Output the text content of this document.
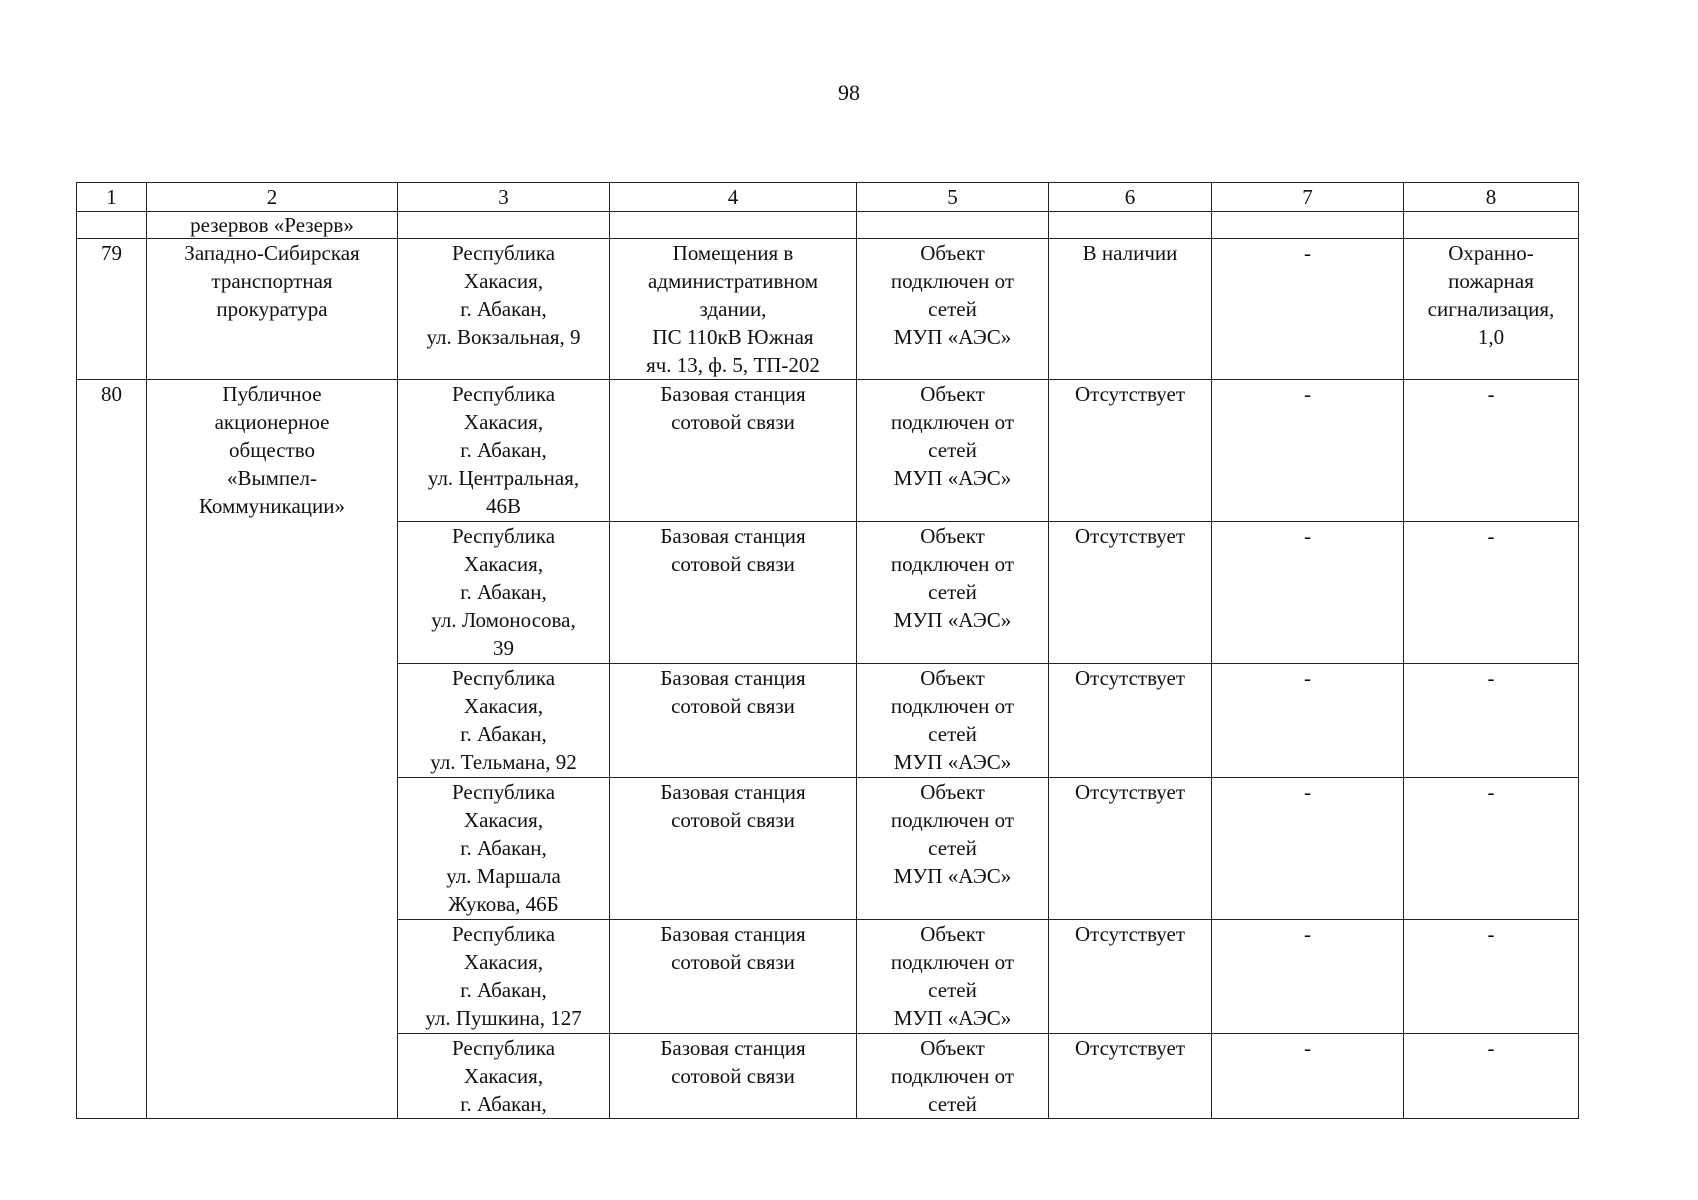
98
1	2	3	4	5	6	7	8
	резервов «Резерв»						
79	Западно-Сибирская
транспортная
прокуратура	Республика
Хакасия,
г. Абакан,
ул. Вокзальная, 9	Помещения в
административном
здании,
ПС 110кВ Южная
яч. 13, ф. 5, ТП-202	Объект
подключен от
сетей
МУП «АЭС»	В наличии	-	Охранно-
пожарная
сигнализация,
1,0
80	Публичное
акционерное
общество
«Вымпел-
Коммуникации»	Республика
Хакасия,
г. Абакан,
ул. Центральная,
46В	Базовая станция
сотовой связи	Объект
подключен от
сетей
МУП «АЭС»	Отсутствует	-	-
		Республика
Хакасия,
г. Абакан,
ул. Ломоносова,
39	Базовая станция
сотовой связи	Объект
подключен от
сетей
МУП «АЭС»	Отсутствует	-	-
		Республика
Хакасия,
г. Абакан,
ул. Тельмана, 92	Базовая станция
сотовой связи	Объект
подключен от
сетей
МУП «АЭС»	Отсутствует	-	-
		Республика
Хакасия,
г. Абакан,
ул. Маршала
Жукова, 46Б	Базовая станция
сотовой связи	Объект
подключен от
сетей
МУП «АЭС»	Отсутствует	-	-
		Республика
Хакасия,
г. Абакан,
ул. Пушкина, 127	Базовая станция
сотовой связи	Объект
подключен от
сетей
МУП «АЭС»	Отсутствует	-	-
		Республика
Хакасия,
г. Абакан,	Базовая станция
сотовой связи	Объект
подключен от
сетей	Отсутствует	-	-
